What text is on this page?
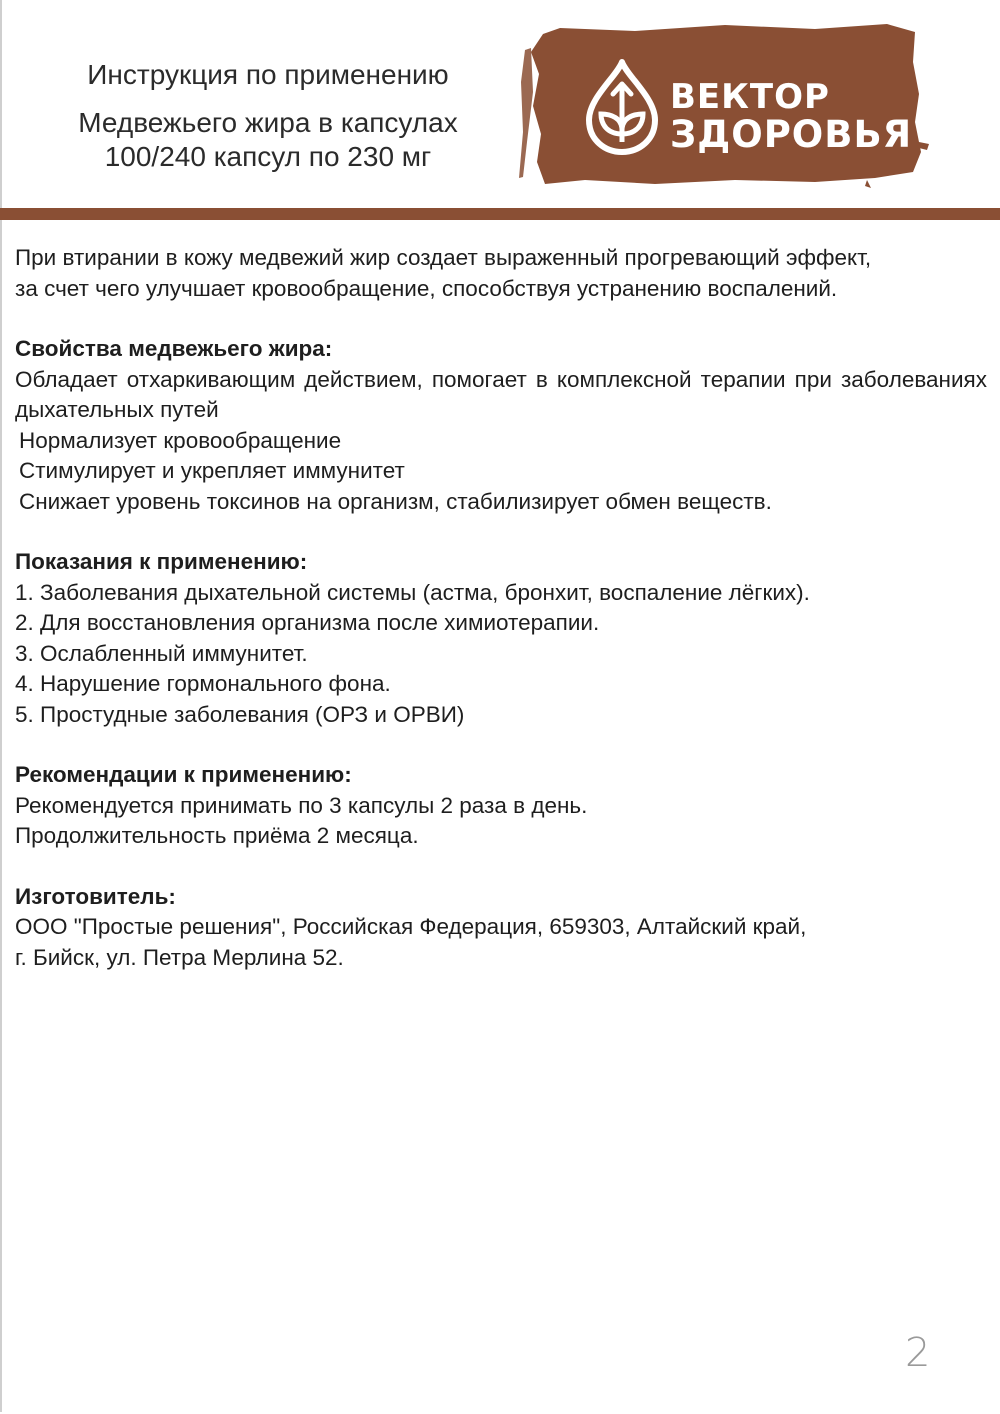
Инструкция по применению
Медвежьего жира в капсулах
100/240 капсул по 230 мг
ВЕКТОР
ЗДОРОВЬЯ

При втирании в кожу медвежий жир создает выраженный прогревающий эффект,

за счет чего улучшает кровообращение, способствуя устранению воспалений.

Свойства медвежьего жира:

Обладает отхаркивающим действием, помогает в комплексной терапии при заболеваниях дыхательных путей

Нормализует кровообращение

Стимулирует и укрепляет иммунитет

Снижает уровень токсинов на организм, стабилизирует обмен веществ.

Показания к применению:

1. Заболевания дыхательной системы (астма, бронхит, воспаление лёгких).

2. Для восстановления организма после химиотерапии.

3. Ослабленный иммунитет.

4. Нарушение гормонального фона.

5. Простудные заболевания (ОРЗ и ОРВИ)

Рекомендации к применению:

Рекомендуется принимать по 3 капсулы 2 раза в день.

Продолжительность приёма 2 месяца.

Изготовитель:

ООО "Простые решения", Российская Федерация, 659303, Алтайский край,

г. Бийск, ул. Петра Мерлина 52.

2
